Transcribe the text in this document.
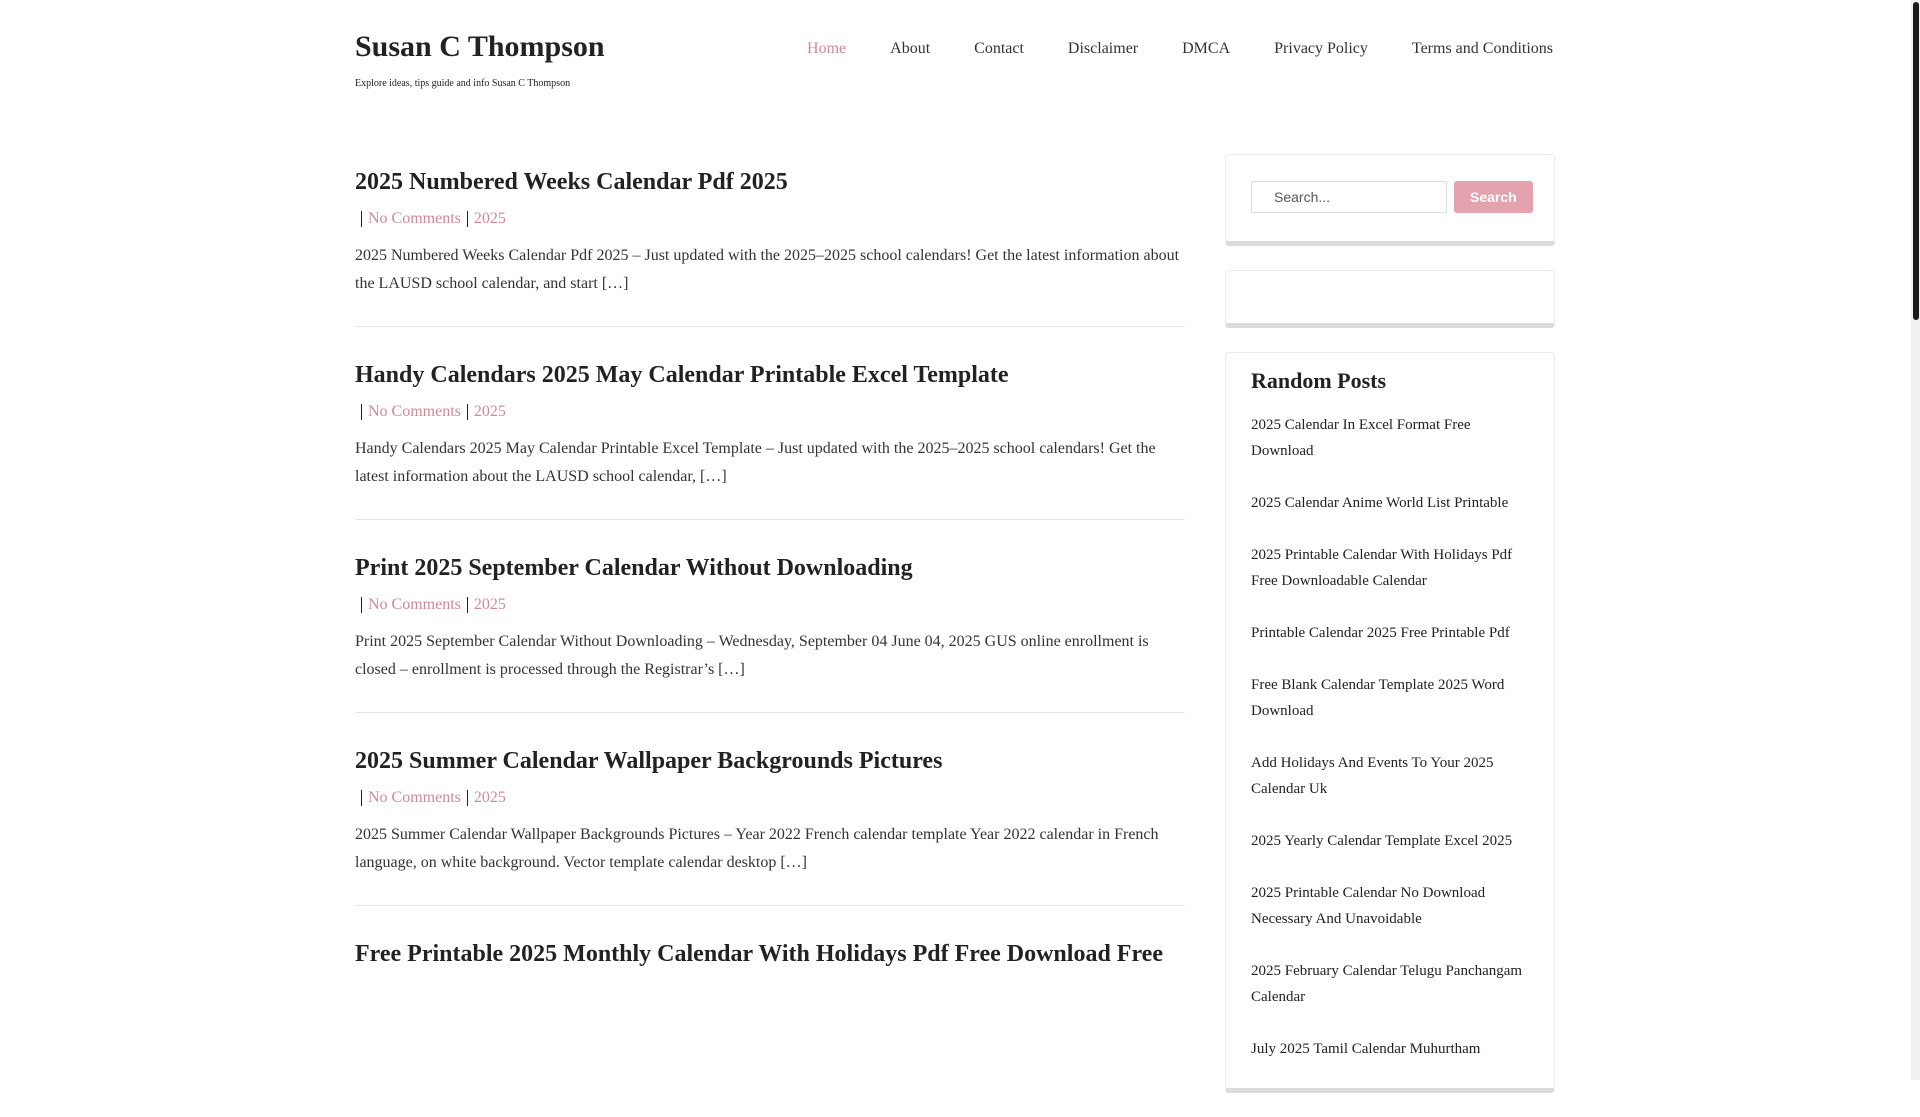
Susan C Thompson
Explore ideas, tips guide and info Susan C Thompson
Home	About	Contact	Disclaimer	DMCA	Privacy Policy	Terms and Conditions
2025 Numbered Weeks Calendar Pdf 2025
No Comments 2025

2025 Numbered Weeks Calendar Pdf 2025 – Just updated with the 2025–2025 school calendars! Get the latest information about the LAUSD school calendar, and start […]

Handy Calendars 2025 May Calendar Printable Excel Template
No Comments 2025

Handy Calendars 2025 May Calendar Printable Excel Template – Just updated with the 2025–2025 school calendars! Get the latest information about the LAUSD school calendar, […]

Print 2025 September Calendar Without Downloading
No Comments 2025

Print 2025 September Calendar Without Downloading – Wednesday, September 04 June 04, 2025 GUS online enrollment is closed – enrollment is processed through the Registrar’s […]

2025 Summer Calendar Wallpaper Backgrounds Pictures
No Comments 2025

2025 Summer Calendar Wallpaper Backgrounds Pictures – Year 2022 French calendar template Year 2022 calendar in French language, on white background. Vector template calendar desktop […]

Free Printable 2025 Monthly Calendar With Holidays Pdf Free Download Free
Search...
Search
Random Posts
2025 Calendar In Excel Format Free Download
2025 Calendar Anime World List Printable
2025 Printable Calendar With Holidays Pdf Free Downloadable Calendar
Printable Calendar 2025 Free Printable Pdf
Free Blank Calendar Template 2025 Word Download
Add Holidays And Events To Your 2025 Calendar Uk
2025 Yearly Calendar Template Excel 2025
2025 Printable Calendar No Download Necessary And Unavoidable
2025 February Calendar Telugu Panchangam Calendar
July 2025 Tamil Calendar Muhurtham
